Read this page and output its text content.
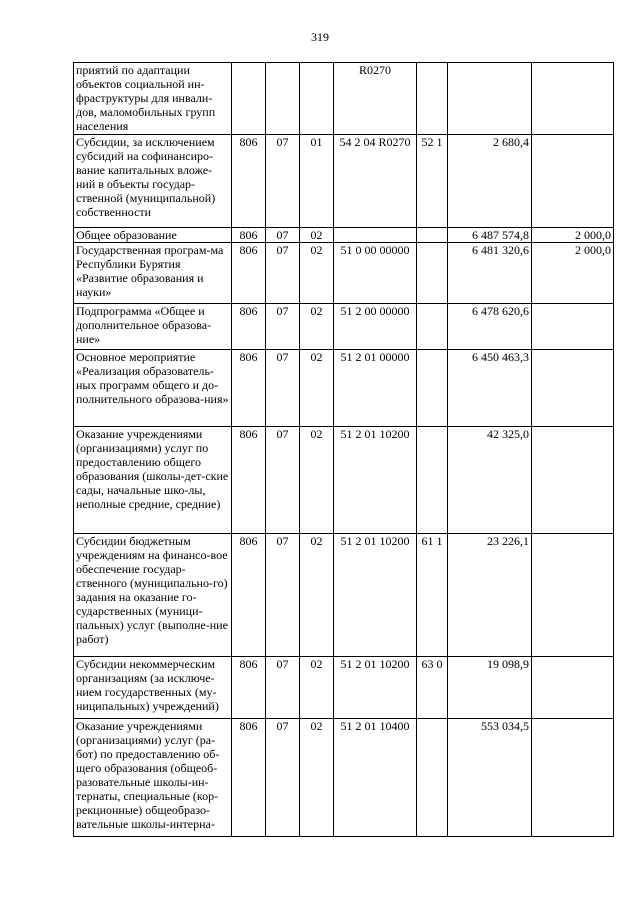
319
приятий по адаптации объектов социальной ин-фраструктуры для инвали-дов, маломобильных групп населения				R0270			
Субсидии, за исключением субсидий на софинансиро-вание капитальных вложе-ний в объекты государ-ственной (муниципальной) собственности	806	07	01	54 2 04 R0270	52 1	2 680,4	
Общее образование	806	07	02			6 487 574,8	2 000,0
Государственная програм-ма Республики Бурятия «Развитие образования и науки»	806	07	02	51 0 00 00000		6 481 320,6	2 000,0
Подпрограмма «Общее и дополнительное образова-ние»	806	07	02	51 2 00 00000		6 478 620,6	
Основное мероприятие «Реализация образователь-ных программ общего и до-полнительного образова-ния»	806	07	02	51 2 01 00000		6 450 463,3	
Оказание учреждениями (организациями) услуг по предоставлению общего образования (школы-дет-ские сады, начальные шко-лы, неполные средние, средние)	806	07	02	51 2 01 10200		42 325,0	
Субсидии бюджетным учреждениям на финансо-вое обеспечение государ-ственного (муниципально-го) задания на оказание го-сударственных (муници-пальных) услуг (выполне-ние работ)	806	07	02	51 2 01 10200	61 1	23 226,1	
Субсидии некоммерческим организациям (за исключе-нием государственных (му-ниципальных) учреждений)	806	07	02	51 2 01 10200	63 0	19 098,9	
Оказание учреждениями (организациями) услуг (ра-бот) по предоставлению об-щего образования (общеоб-разовательные школы-ин-тернаты, специальные (кор-рекционные) общеобразо-вательные школы-интерна-	806	07	02	51 2 01 10400		553 034,5	
